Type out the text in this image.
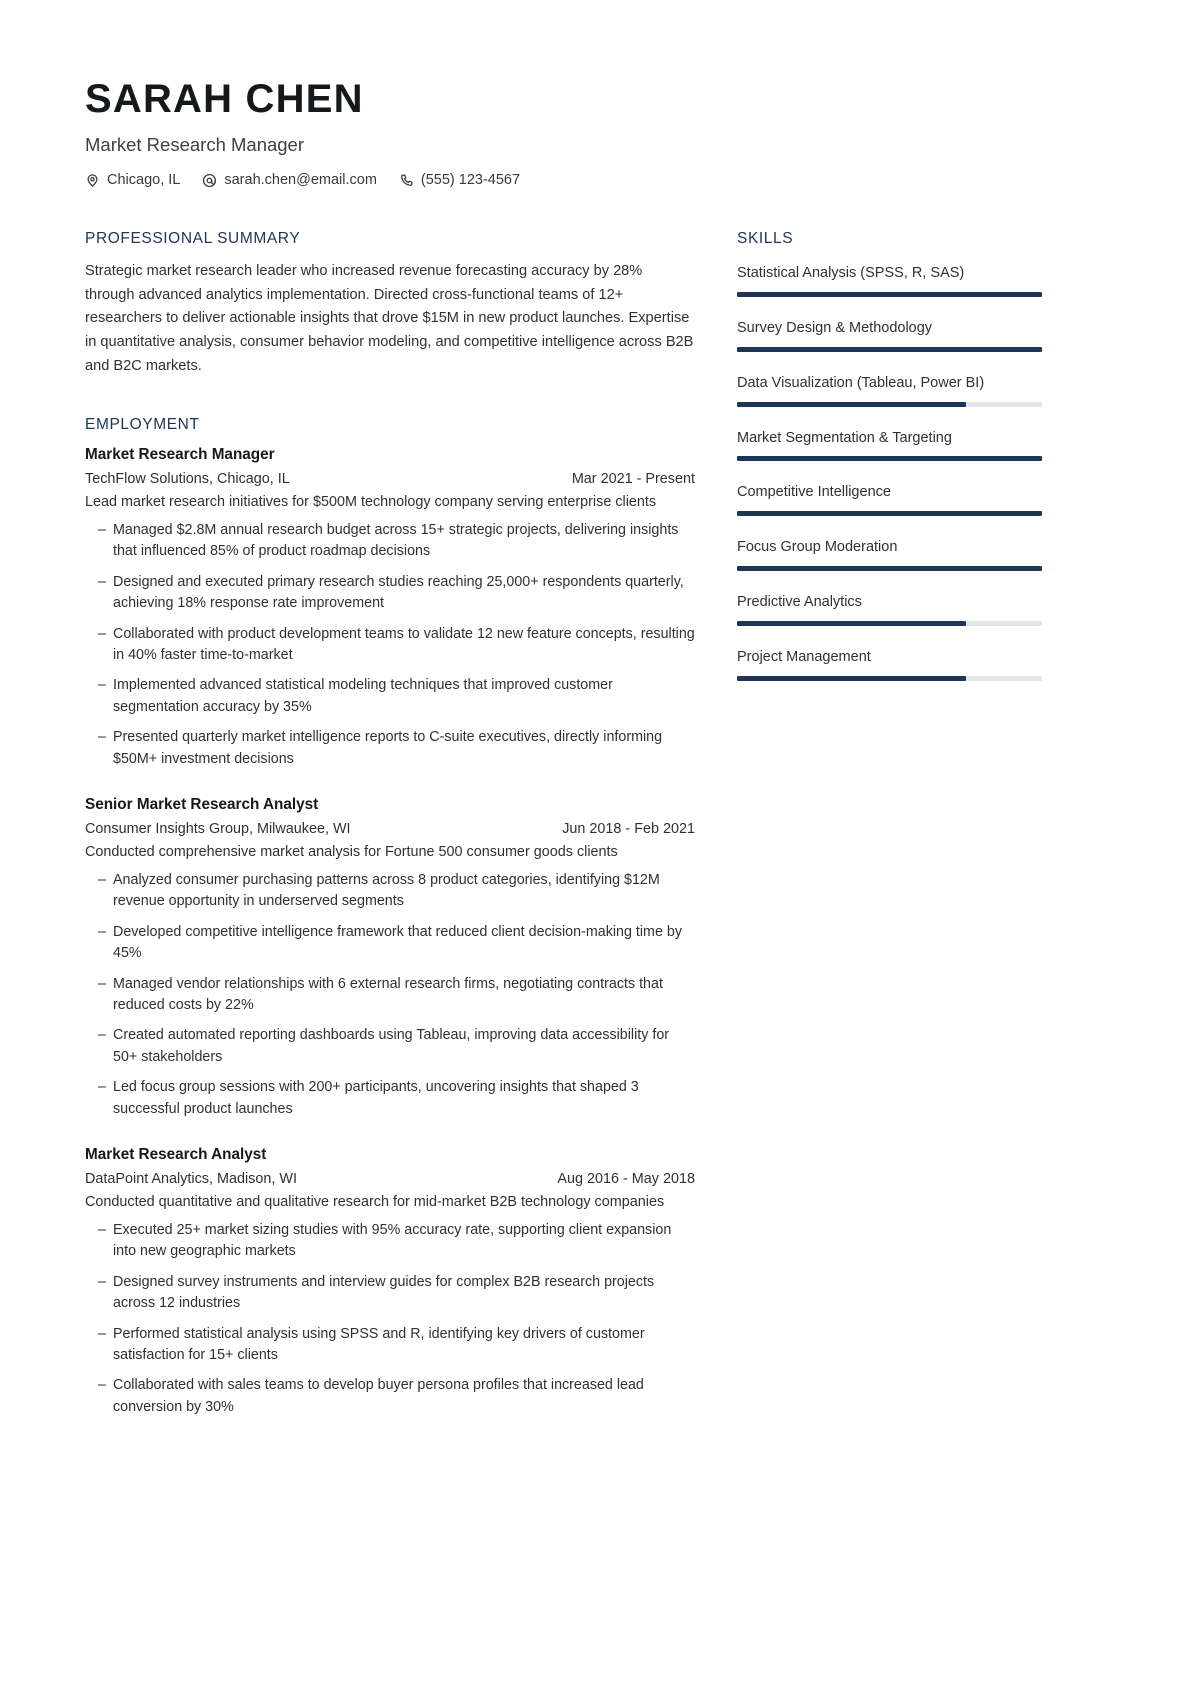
SARAH CHEN
Market Research Manager
Chicago, IL	sarah.chen@email.com	(555) 123-4567
PROFESSIONAL SUMMARY

Strategic market research leader who increased revenue forecasting accuracy by 28% through advanced analytics implementation. Directed cross-functional teams of 12+ researchers to deliver actionable insights that drove $15M in new product launches. Expertise in quantitative analysis, consumer behavior modeling, and competitive intelligence across B2B and B2C markets.

EMPLOYMENT
Market Research Manager
TechFlow Solutions, Chicago, IL	Mar 2021 - Present

Lead market research initiatives for $500M technology company serving enterprise clients

– Managed $2.8M annual research budget across 15+ strategic projects, delivering insights that influenced 85% of product roadmap decisions
– Designed and executed primary research studies reaching 25,000+ respondents quarterly, achieving 18% response rate improvement
– Collaborated with product development teams to validate 12 new feature concepts, resulting in 40% faster time-to-market
– Implemented advanced statistical modeling techniques that improved customer segmentation accuracy by 35%
– Presented quarterly market intelligence reports to C-suite executives, directly informing $50M+ investment decisions
Senior Market Research Analyst
Consumer Insights Group, Milwaukee, WI	Jun 2018 - Feb 2021

Conducted comprehensive market analysis for Fortune 500 consumer goods clients

– Analyzed consumer purchasing patterns across 8 product categories, identifying $12M revenue opportunity in underserved segments
– Developed competitive intelligence framework that reduced client decision-making time by 45%
– Managed vendor relationships with 6 external research firms, negotiating contracts that reduced costs by 22%
– Created automated reporting dashboards using Tableau, improving data accessibility for 50+ stakeholders
– Led focus group sessions with 200+ participants, uncovering insights that shaped 3 successful product launches
Market Research Analyst
DataPoint Analytics, Madison, WI	Aug 2016 - May 2018

Conducted quantitative and qualitative research for mid-market B2B technology companies

– Executed 25+ market sizing studies with 95% accuracy rate, supporting client expansion into new geographic markets
– Designed survey instruments and interview guides for complex B2B research projects across 12 industries
– Performed statistical analysis using SPSS and R, identifying key drivers of customer satisfaction for 15+ clients
– Collaborated with sales teams to develop buyer persona profiles that increased lead conversion by 30%
SKILLS
Statistical Analysis (SPSS, R, SAS)
Survey Design & Methodology
Data Visualization (Tableau, Power BI)
Market Segmentation & Targeting
Competitive Intelligence
Focus Group Moderation
Predictive Analytics
Project Management
